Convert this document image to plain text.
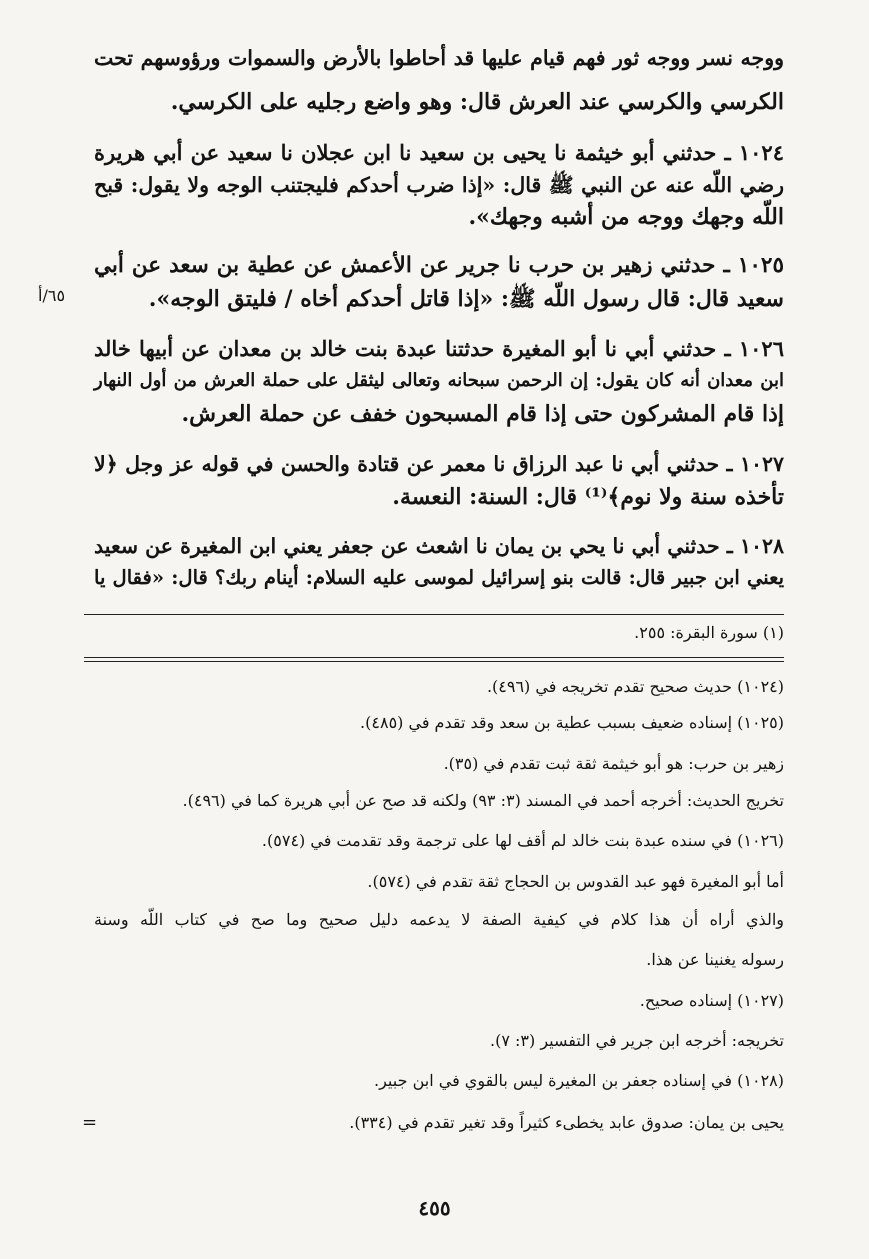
ووجه نسر ووجه ثور فهم قيام عليها قد أحاطوا بالأرض والسموات ورؤوسهم تحت
الكرسي والكرسي عند العرش قال: وهو واضع رجليه على الكرسي.
١٠٢٤ ـ حدثني أبو خيثمة نا يحيى بن سعيد نا ابن عجلان نا سعيد عن أبي هريرة
رضي اللّه عنه عن النبي ﷺ قال: «إذا ضرب أحدكم فليجتنب الوجه ولا يقول: قبح
اللّه وجهك ووجه من أشبه وجهك».
١٠٢٥ ـ حدثني زهير بن حرب نا جرير عن الأعمش عن عطية بن سعد عن أبي
سعيد قال: قال رسول اللّه ﷺ: «إذا قاتل أحدكم أخاه / فليتق الوجه».
١٠٢٦ ـ حدثني أبي نا أبو المغيرة حدثتنا عبدة بنت خالد بن معدان عن أبيها خالد
ابن معدان أنه كان يقول: إن الرحمن سبحانه وتعالى ليثقل على حملة العرش من أول النهار
إذا قام المشركون حتى إذا قام المسبحون خفف عن حملة العرش.
١٠٢٧ ـ حدثني أبي نا عبد الرزاق نا معمر عن قتادة والحسن في قوله عز وجل ﴿لا
تأخذه سنة ولا نوم﴾⁽¹⁾ قال: السنة: النعسة.
١٠٢٨ ـ حدثني أبي نا يحي بن يمان نا اشعث عن جعفر يعني ابن المغيرة عن سعيد
يعني ابن جبير قال: قالت بنو إسرائيل لموسى عليه السلام: أينام ربك؟ قال: «فقال يا
٦٥/أ
(١) سورة البقرة: ٢٥٥.
(١٠٢٤) حديث صحيح تقدم تخريجه في (٤٩٦).
(١٠٢٥) إسناده ضعيف بسبب عطية بن سعد وقد تقدم في (٤٨٥).
زهير بن حرب: هو أبو خيثمة ثقة ثبت تقدم في (٣٥).
تخريج الحديث: أخرجه أحمد في المسند (٣: ٩٣) ولكنه قد صح عن أبي هريرة كما في (٤٩٦).
(١٠٢٦) في سنده عبدة بنت خالد لم أقف لها على ترجمة وقد تقدمت في (٥٧٤).
أما أبو المغيرة فهو عبد القدوس بن الحجاج ثقة تقدم في (٥٧٤).
والذي أراه أن هذا كلام في كيفية الصفة لا يدعمه دليل صحيح وما صح في كتاب اللّه وسنة
رسوله يغنينا عن هذا.
(١٠٢٧) إسناده صحيح.
تخريجه: أخرجه ابن جرير في التفسير (٣: ٧).
(١٠٢٨) في إسناده جعفر بن المغيرة ليس بالقوي في ابن جبير.
يحيى بن يمان: صدوق عابد يخطىء كثيراً وقد تغير تقدم في (٣٣٤).
=
٤٥٥
